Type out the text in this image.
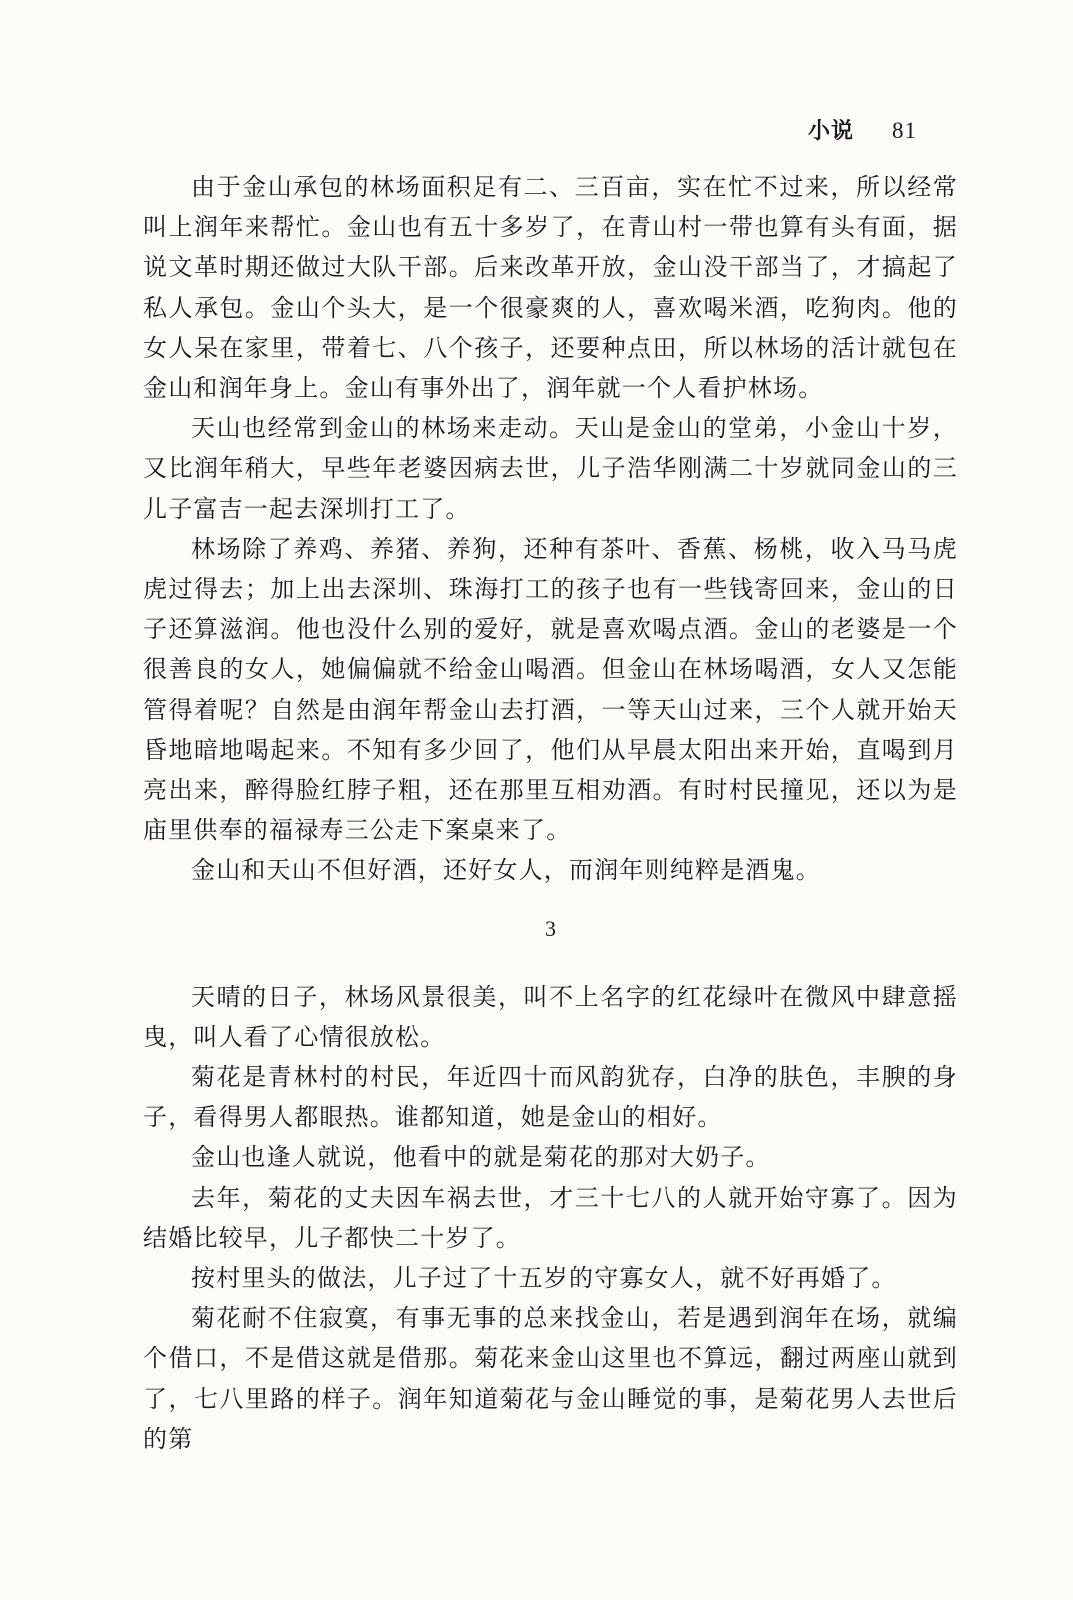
小说 81

由于金山承包的林场面积足有二、三百亩，实在忙不过来，所以经常叫上润年来帮忙。金山也有五十多岁了，在青山村一带也算有头有面，据说文革时期还做过大队干部。后来改革开放，金山没干部当了，才搞起了私人承包。金山个头大，是一个很豪爽的人，喜欢喝米酒，吃狗肉。他的女人呆在家里，带着七、八个孩子，还要种点田，所以林场的活计就包在金山和润年身上。金山有事外出了，润年就一个人看护林场。

天山也经常到金山的林场来走动。天山是金山的堂弟，小金山十岁，又比润年稍大，早些年老婆因病去世，儿子浩华刚满二十岁就同金山的三儿子富吉一起去深圳打工了。

林场除了养鸡、养猪、养狗，还种有茶叶、香蕉、杨桃，收入马马虎虎过得去；加上出去深圳、珠海打工的孩子也有一些钱寄回来，金山的日子还算滋润。他也没什么别的爱好，就是喜欢喝点酒。金山的老婆是一个很善良的女人，她偏偏就不给金山喝酒。但金山在林场喝酒，女人又怎能管得着呢？自然是由润年帮金山去打酒，一等天山过来，三个人就开始天昏地暗地喝起来。不知有多少回了，他们从早晨太阳出来开始，直喝到月亮出来，醉得脸红脖子粗，还在那里互相劝酒。有时村民撞见，还以为是庙里供奉的福禄寿三公走下案桌来了。

金山和天山不但好酒，还好女人，而润年则纯粹是酒鬼。

3

天晴的日子，林场风景很美，叫不上名字的红花绿叶在微风中肆意摇曳，叫人看了心情很放松。

菊花是青林村的村民，年近四十而风韵犹存，白净的肤色，丰腴的身子，看得男人都眼热。谁都知道，她是金山的相好。

金山也逢人就说，他看中的就是菊花的那对大奶子。

去年，菊花的丈夫因车祸去世，才三十七八的人就开始守寡了。因为结婚比较早，儿子都快二十岁了。

按村里头的做法，儿子过了十五岁的守寡女人，就不好再婚了。

菊花耐不住寂寞，有事无事的总来找金山，若是遇到润年在场，就编个借口，不是借这就是借那。菊花来金山这里也不算远，翻过两座山就到了，七八里路的样子。润年知道菊花与金山睡觉的事，是菊花男人去世后的第
